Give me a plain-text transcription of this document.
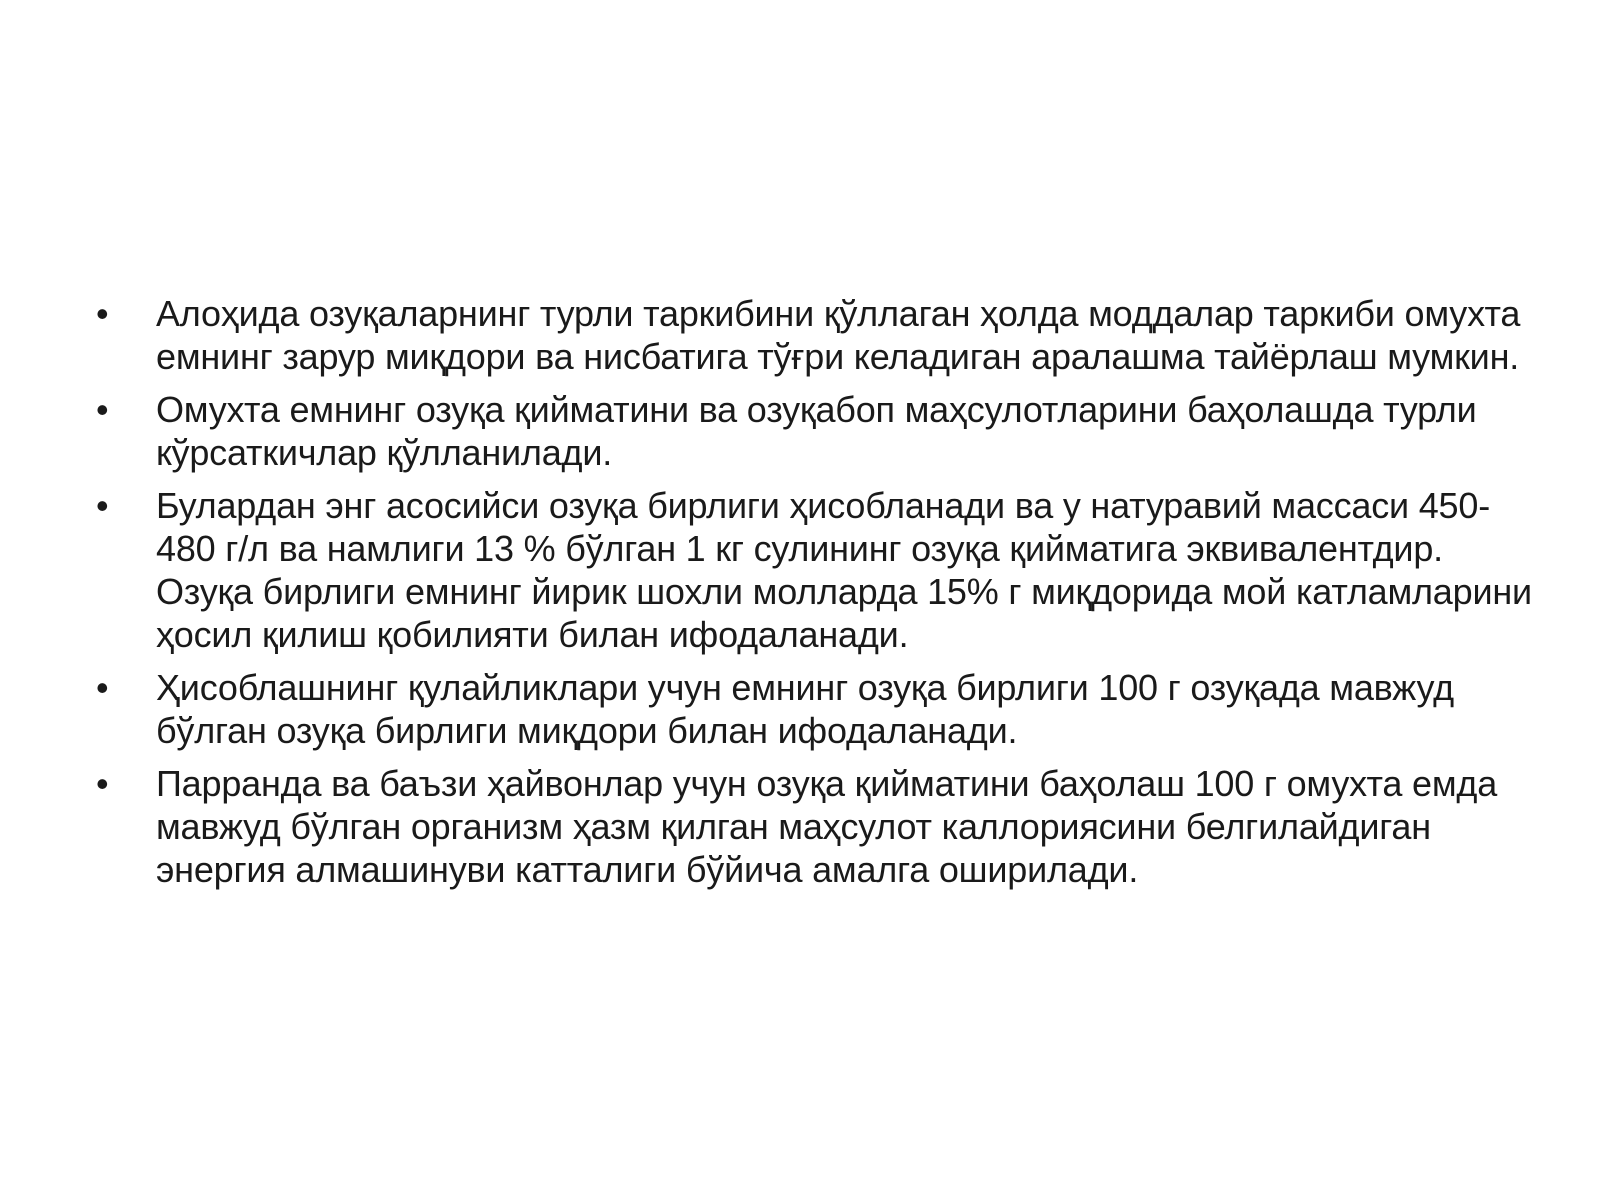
•	Алоҳида озуқаларнинг турли таркибини қўллаган ҳолда моддалар таркиби омухта емнинг зарур миқдори ва нисбатига тўғри келадиган аралашма тайёрлаш мумкин.
•	Омухта емнинг озуқа қийматини ва озуқабоп маҳсулотларини баҳолашда турли кўрсаткичлар қўлланилади.
•	Булардан энг асосийси озуқа бирлиги ҳисобланади ва у натуравий массаси 450-480 г/л ва намлиги 13 % бўлган 1 кг сулининг озуқа қийматига эквивалентдир. Озуқа бирлиги емнинг йирик шохли молларда 15% г миқдорида мой катламларини ҳосил қилиш қобилияти билан ифодаланади.
•	Ҳисоблашнинг қулайликлари учун емнинг озуқа бирлиги 100 г озуқада мавжуд бўлган озуқа бирлиги миқдори билан ифодаланади.
•	Парранда ва баъзи ҳайвонлар учун озуқа қийматини баҳолаш 100 г омухта емда мавжуд бўлган организм ҳазм қилган маҳсулот каллориясини белгилайдиган энергия алмашинуви катталиги бўйича амалга оширилади.
